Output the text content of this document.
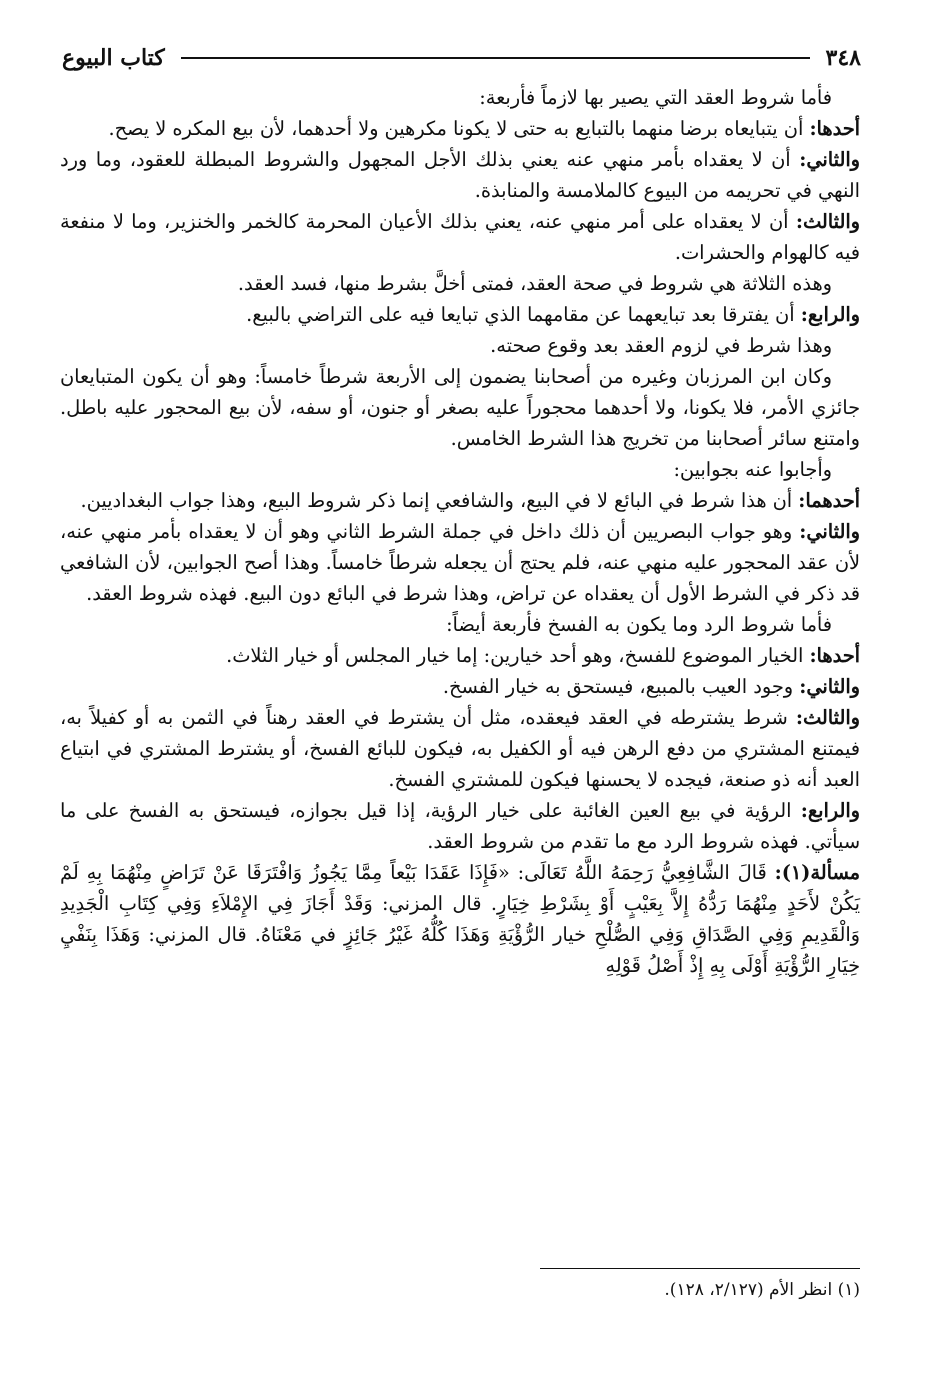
٣٤٨
كتاب البيوع

فأما شروط العقد التي يصير بها لازماً فأربعة:

أحدها: أن يتبايعاه برضا منهما بالتبايع به حتى لا يكونا مكرهين ولا أحدهما، لأن بيع المكره لا يصح.

والثاني: أن لا يعقداه بأمر منهي عنه يعني بذلك الأجل المجهول والشروط المبطلة للعقود، وما ورد النهي في تحريمه من البيوع كالملامسة والمنابذة.

والثالث: أن لا يعقداه على أمر منهي عنه، يعني بذلك الأعيان المحرمة كالخمر والخنزير، وما لا منفعة فيه كالهوام والحشرات.

وهذه الثلاثة هي شروط في صحة العقد، فمتى أخلَّ بشرط منها، فسد العقد.

والرابع: أن يفترقا بعد تبايعهما عن مقامهما الذي تبايعا فيه على التراضي بالبيع.

وهذا شرط في لزوم العقد بعد وقوع صحته.

وكان ابن المرزبان وغيره من أصحابنا يضمون إلى الأربعة شرطاً خامساً: وهو أن يكون المتبايعان جائزي الأمر، فلا يكونا، ولا أحدهما محجوراً عليه بصغر أو جنون، أو سفه، لأن بيع المحجور عليه باطل. وامتنع سائر أصحابنا من تخريج هذا الشرط الخامس.

وأجابوا عنه بجوابين:

أحدهما: أن هذا شرط في البائع لا في البيع، والشافعي إنما ذكر شروط البيع، وهذا جواب البغداديين.

والثاني: وهو جواب البصريين أن ذلك داخل في جملة الشرط الثاني وهو أن لا يعقداه بأمر منهي عنه، لأن عقد المحجور عليه منهي عنه، فلم يحتج أن يجعله شرطاً خامساً. وهذا أصح الجوابين، لأن الشافعي قد ذكر في الشرط الأول أن يعقداه عن تراض، وهذا شرط في البائع دون البيع. فهذه شروط العقد.

فأما شروط الرد وما يكون به الفسخ فأربعة أيضاً:

أحدها: الخيار الموضوع للفسخ، وهو أحد خيارين: إما خيار المجلس أو خيار الثلاث.

والثاني: وجود العيب بالمبيع، فيستحق به خيار الفسخ.

والثالث: شرط يشترطه في العقد فيعقده، مثل أن يشترط في العقد رهناً في الثمن به أو كفيلاً به، فيمتنع المشتري من دفع الرهن فيه أو الكفيل به، فيكون للبائع الفسخ، أو يشترط المشتري في ابتياع العبد أنه ذو صنعة، فيجده لا يحسنها فيكون للمشتري الفسخ.

والرابع: الرؤية في بيع العين الغائبة على خيار الرؤية، إذا قيل بجوازه، فيستحق به الفسخ على ما سيأتي. فهذه شروط الرد مع ما تقدم من شروط العقد.

مسألة(١): قَالَ الشَّافِعِيُّ رَحِمَهُ اللَّهُ تَعَالَى: «فَإِذَا عَقَدَا بَيْعاً مِمَّا يَجُوزُ وَافْتَرَقَا عَنْ تَرَاضٍ مِنْهُمَا بِهِ لَمْ يَكُنْ لأَحَدٍ مِنْهُمَا رَدُّهُ إِلاَّ بِعَيْبٍ أَوْ بِشَرْطِ خِيَارٍ. قال المزني: وَقَدْ أَجَازَ فِي الإِمْلاَءِ وَفِي كِتَابِ الْجَدِيدِ وَالْقَدِيمِ وَفِي الصَّدَاقِ وَفِي الصُّلْحِ خيار الرُّؤْيَةِ وَهَذَا كُلُّهُ غَيْرُ جَائِزٍ في مَعْنَاهُ. قال المزني: وَهَذَا بِنَفْيِ خِيَارِ الرُّؤْيَةِ أَوْلَى بِهِ إِذْ أَصْلُ قَوْلِهِ

(١) انظر الأم (٢/١٢٧، ١٢٨).
